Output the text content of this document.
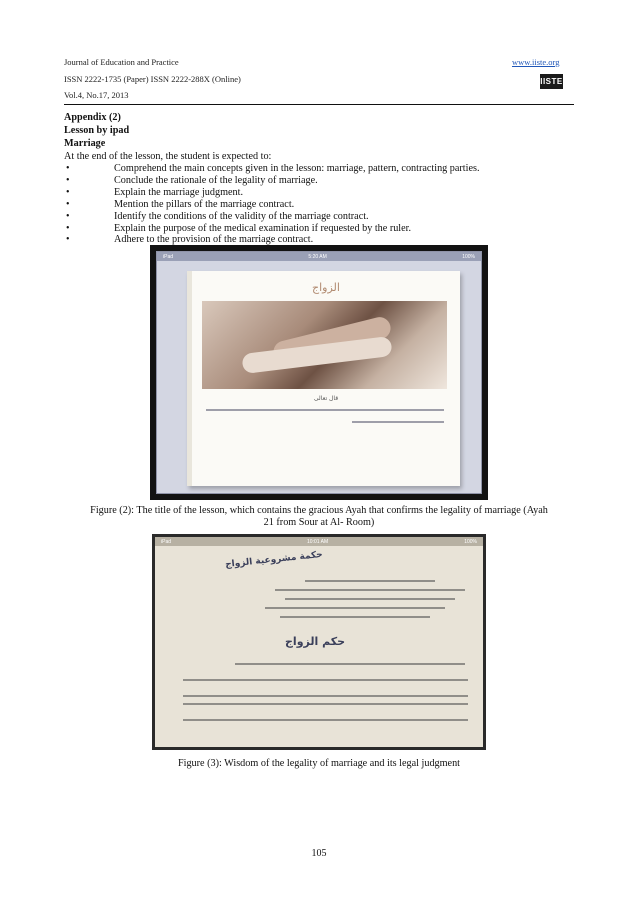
Journal of Education and Practice	www.iiste.org
ISSN 2222-1735 (Paper) ISSN 2222-288X (Online)	IISTE
Vol.4, No.17, 2013
Appendix (2)
Lesson by ipad
Marriage
At the end of the lesson, the student is expected to:
• Comprehend the main concepts given in the lesson: marriage, pattern, contracting parties.
• Conclude the rationale of the legality of marriage.
• Explain the marriage judgment.
• Mention the pillars of the marriage contract.
• Identify the conditions of the validity of the marriage contract.
• Explain the purpose of the medical examination if requested by the ruler.
• Adhere to the provision of the marriage contract.
iPad	5:20 AM	100%
الزواج
قال تعالى
Figure (2): The title of the lesson, which contains the gracious Ayah that confirms the legality of marriage (Ayah
21 from Sour at Al- Room)
iPad	10:01 AM	100%
حكمة مشروعية الزواج
حكم الزواج
Figure (3): Wisdom of the legality of marriage and its legal judgment
105
